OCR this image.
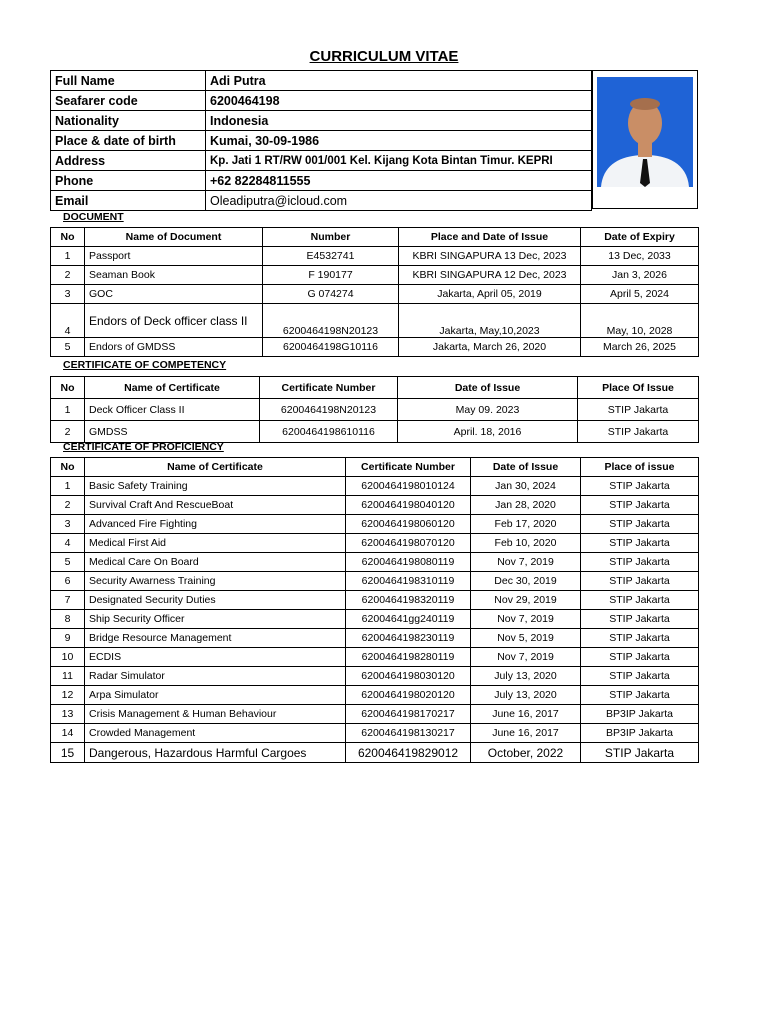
CURRICULUM VITAE
Full Name	Adi Putra
Seafarer code	6200464198
Nationality	Indonesia
Place & date of birth	Kumai, 30-09-1986
Address	Kp. Jati 1 RT/RW 001/001 Kel. Kijang Kota Bintan Timur. KEPRI
Phone	+62 82284811555
Email	Oleadiputra@icloud.com
DOCUMENT
No	Name of Document	Number	Place and Date of Issue	Date of Expiry
1	Passport	E4532741	KBRI SINGAPURA 13 Dec, 2023	13 Dec, 2033
2	Seaman Book	F 190177	KBRI SINGAPURA 12 Dec, 2023	Jan 3, 2026
3	GOC	G 074274	Jakarta, April 05, 2019	April 5, 2024
4	Endors of Deck officer class II	6200464198N20123	Jakarta, May,10,2023	May, 10, 2028
5	Endors of GMDSS	6200464198G10116	Jakarta, March 26, 2020	March 26, 2025
CERTIFICATE OF COMPETENCY
No	Name of Certificate	Certificate Number	Date of Issue	Place Of Issue
1	Deck Officer Class II	6200464198N20123	May 09. 2023	STIP Jakarta
2	GMDSS	6200464198610116	April. 18, 2016	STIP Jakarta
CERTIFICATE OF PROFICIENCY
No	Name of Certificate	Certificate Number	Date of Issue	Place of issue
1	Basic Safety Training	6200464198010124	Jan 30, 2024	STIP Jakarta
2	Survival Craft And RescueBoat	6200464198040120	Jan 28, 2020	STIP Jakarta
3	Advanced Fire Fighting	6200464198060120	Feb 17, 2020	STIP Jakarta
4	Medical First Aid	6200464198070120	Feb 10, 2020	STIP Jakarta
5	Medical Care On Board	6200464198080119	Nov 7, 2019	STIP Jakarta
6	Security Awarness Training	6200464198310119	Dec 30, 2019	STIP Jakarta
7	Designated Security Duties	6200464198320119	Nov 29, 2019	STIP Jakarta
8	Ship Security Officer	62004641gg240119	Nov 7, 2019	STIP Jakarta
9	Bridge Resource Management	6200464198230119	Nov 5, 2019	STIP Jakarta
10	ECDIS	6200464198280119	Nov 7, 2019	STIP Jakarta
11	Radar Simulator	6200464198030120	July 13, 2020	STIP Jakarta
12	Arpa Simulator	6200464198020120	July 13, 2020	STIP Jakarta
13	Crisis Management & Human Behaviour	6200464198170217	June 16, 2017	BP3IP Jakarta
14	Crowded Management	6200464198130217	June 16, 2017	BP3IP Jakarta
15	Dangerous, Hazardous Harmful Cargoes	620046419829012	October, 2022	STIP Jakarta
